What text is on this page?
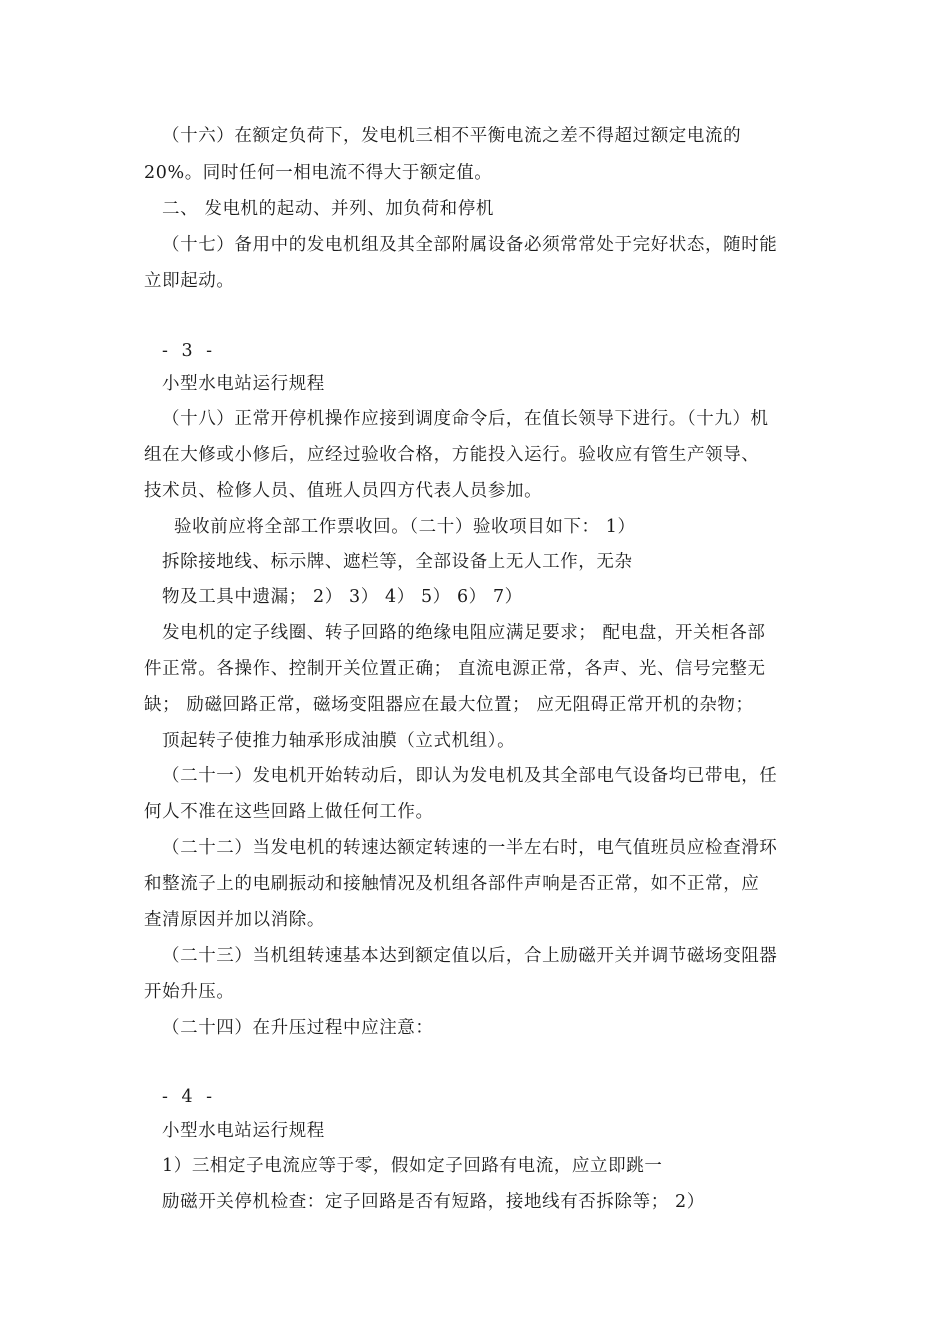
（十六）在额定负荷下，发电机三相不平衡电流之差不得超过额定电流的
20%。同时任何一相电流不得大于额定值。
二、 发电机的起动、并列、加负荷和停机
（十七）备用中的发电机组及其全部附属设备必须常常处于完好状态，随时能
立即起动。
- 3 -
小型水电站运行规程
（十八）正常开停机操作应接到调度命令后，在值长领导下进行。（十九）机
组在大修或小修后，应经过验收合格，方能投入运行。验收应有管生产领导、
技术员、检修人员、值班人员四方代表人员参加。
验收前应将全部工作票收回。（二十）验收项目如下： 1）
拆除接地线、标示牌、遮栏等，全部设备上无人工作，无杂
物及工具中遗漏； 2） 3） 4） 5） 6） 7）
发电机的定子线圈、转子回路的绝缘电阻应满足要求； 配电盘，开关柜各部
件正常。各操作、控制开关位置正确； 直流电源正常，各声、光、信号完整无
缺； 励磁回路正常，磁场变阻器应在最大位置； 应无阻碍正常开机的杂物；
顶起转子使推力轴承形成油膜（立式机组）。
（二十一）发电机开始转动后，即认为发电机及其全部电气设备均已带电，任
何人不准在这些回路上做任何工作。
（二十二）当发电机的转速达额定转速的一半左右时，电气值班员应检查滑环
和整流子上的电刷振动和接触情况及机组各部件声响是否正常，如不正常，应
查清原因并加以消除。
（二十三）当机组转速基本达到额定值以后，合上励磁开关并调节磁场变阻器
开始升压。
（二十四）在升压过程中应注意：
- 4 -
小型水电站运行规程
1）三相定子电流应等于零，假如定子回路有电流，应立即跳一
励磁开关停机检查：定子回路是否有短路，接地线有否拆除等； 2）
